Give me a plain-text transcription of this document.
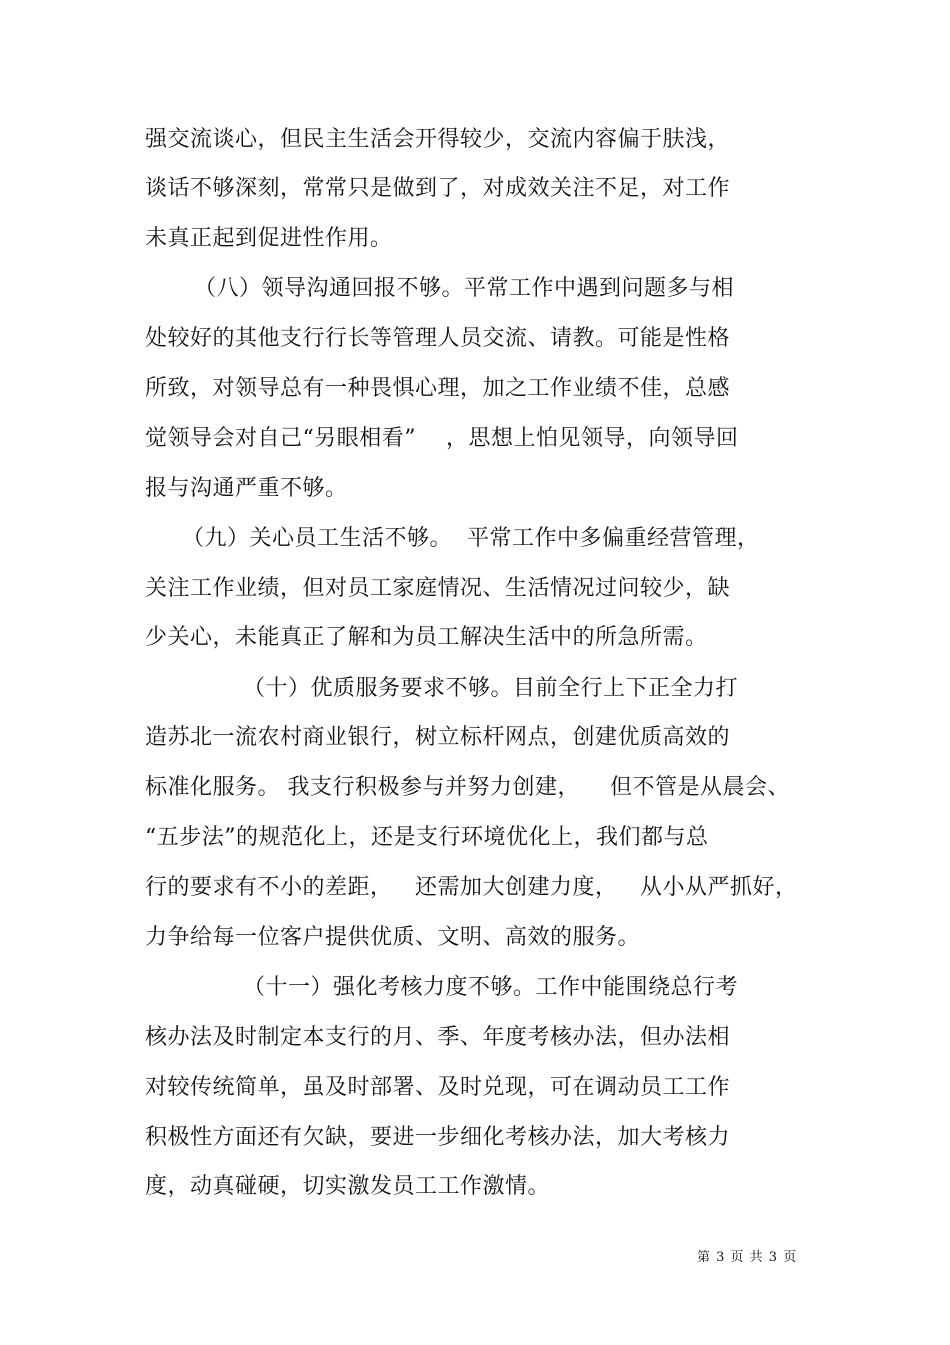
强交流谈心，但民主生活会开得较少，交流内容偏于肤浅，
谈话不够深刻，常常只是做到了，对成效关注不足，对工作
未真正起到促进性作用。
（八）领导沟通回报不够。平常工作中遇到问题多与相
处较好的其他支行行长等管理人员交流、请教。可能是性格
所致，对领导总有一种畏惧心理，加之工作业绩不佳，总感
觉领导会对自己“另眼相看”    ，思想上怕见领导，向领导回
报与沟通严重不够。
（九）关心员工生活不够。  平常工作中多偏重经营管理，
关注工作业绩，但对员工家庭情况、生活情况过问较少，缺
少关心，未能真正了解和为员工解决生活中的所急所需。
（十）优质服务要求不够。目前全行上下正全力打
造苏北一流农村商业银行，树立标杆网点，创建优质高效的
标准化服务。 我支行积极参与并努力创建，    但不管是从晨会、
“五步法”的规范化上，还是支行环境优化上，我们都与总
行的要求有不小的差距，   还需加大创建力度，   从小从严抓好，
力争给每一位客户提供优质、文明、高效的服务。
（十一）强化考核力度不够。工作中能围绕总行考
核办法及时制定本支行的月、季、年度考核办法，但办法相
对较传统简单，虽及时部署、及时兑现，可在调动员工工作
积极性方面还有欠缺，要进一步细化考核办法，加大考核力
度，动真碰硬，切实激发员工工作激情。
第 3 页 共 3 页
